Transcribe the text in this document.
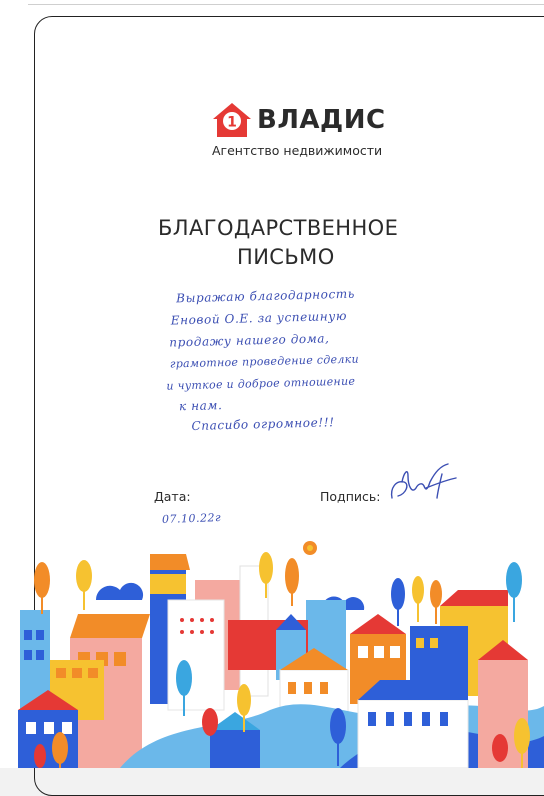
1 ВЛАДИС
Агентство недвижимости
БЛАГОДАРСТВЕННОЕ
ПИСЬМО
Выражаю благодарность
Еновой О.Е. за успешную
продажу нашего дома,
грамотное проведение сделки
и чуткое и доброе отношение
к нам.
Спасибо огромное!!!
Дата:
07.10.22г
Подпись:
